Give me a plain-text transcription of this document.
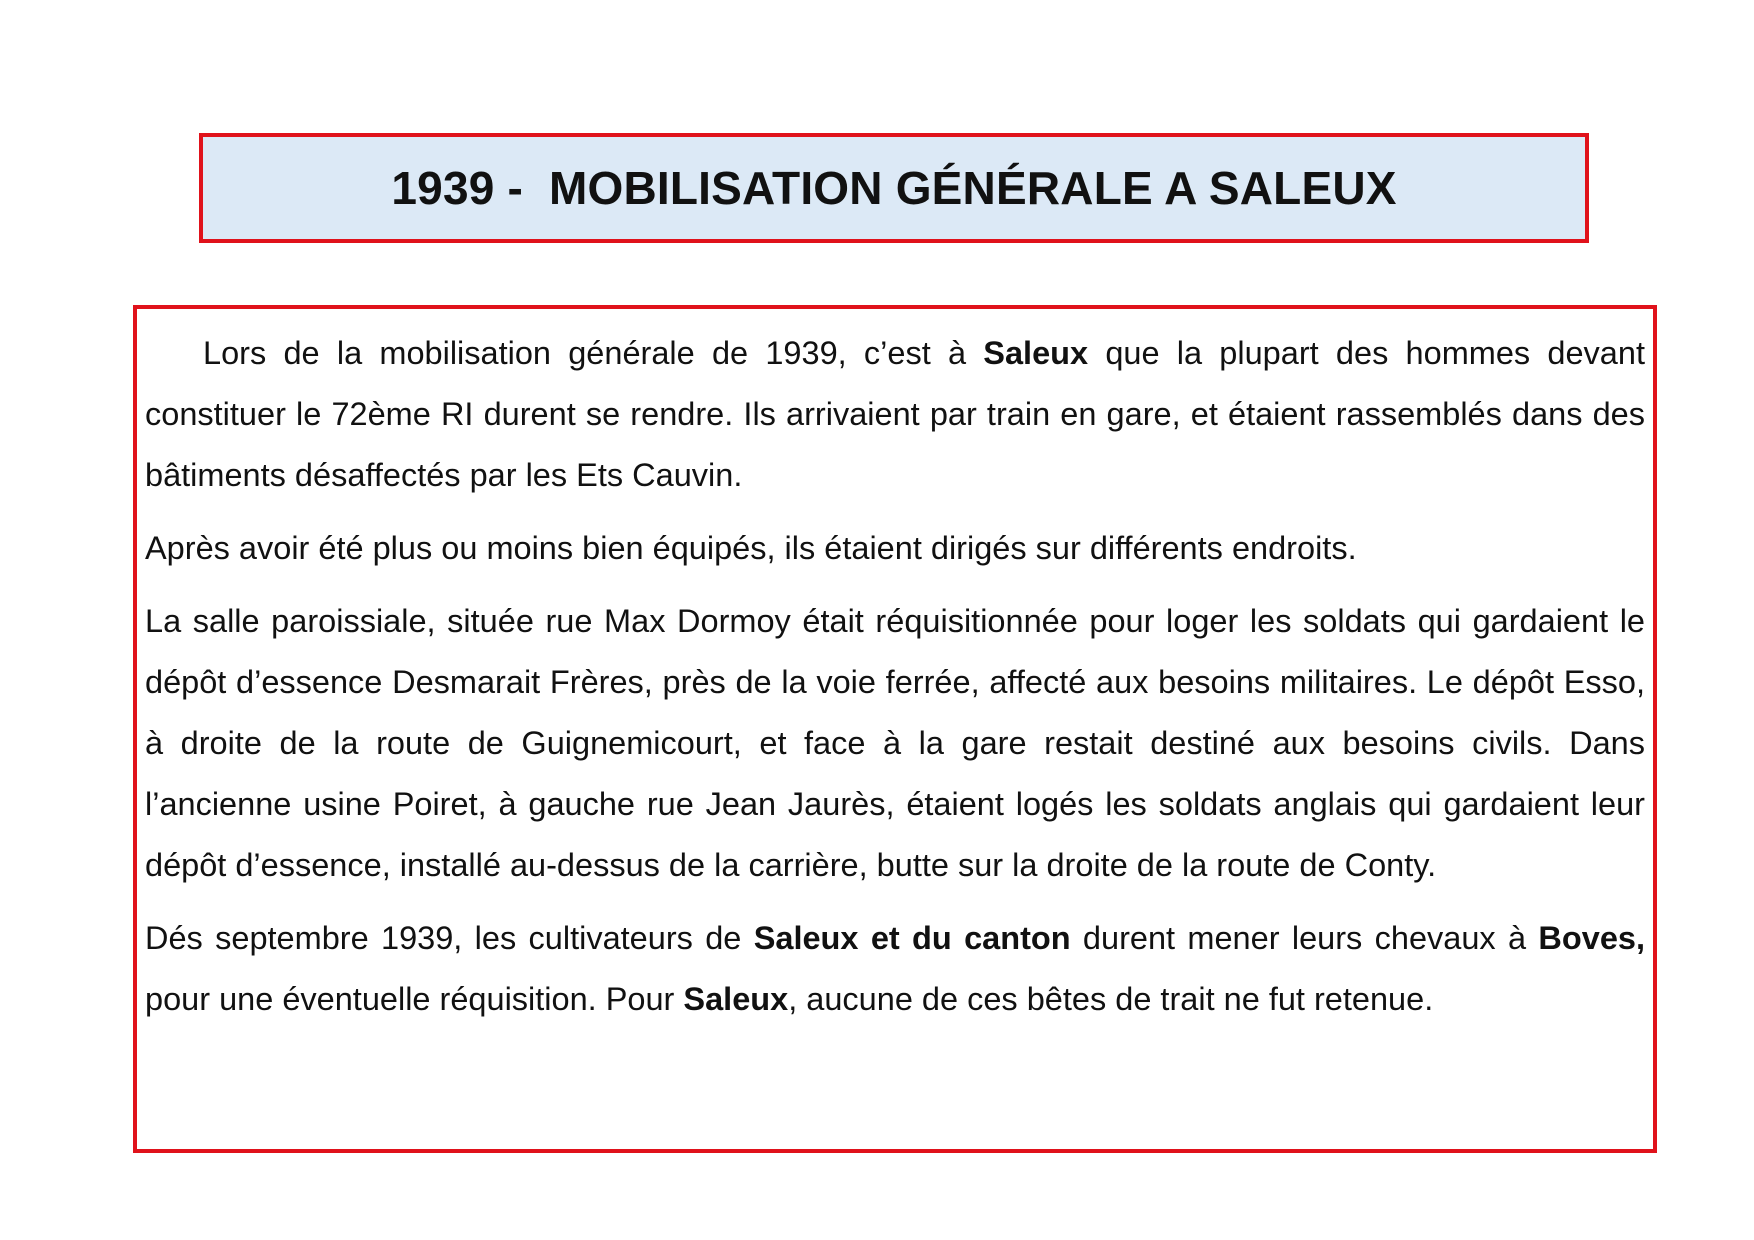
1939 -  MOBILISATION GÉNÉRALE A SALEUX

Lors de la mobilisation générale de 1939, c’est à Saleux que la plupart des hommes devant constituer le 72ème RI durent se rendre. Ils arrivaient par train en gare, et étaient rassemblés dans des bâtiments désaffectés par les Ets Cauvin.

Après avoir été plus ou moins bien équipés, ils étaient dirigés sur différents endroits.

La salle paroissiale, située rue Max Dormoy était réquisitionnée pour loger les soldats qui gardaient le dépôt d’essence Desmarait Frères, près de la voie ferrée, affecté aux besoins militaires. Le dépôt Esso, à droite de la route de Guignemicourt, et face à la gare restait destiné aux besoins civils. Dans l’ancienne usine Poiret, à gauche rue Jean Jaurès, étaient logés les soldats anglais qui gardaient leur dépôt d’essence, installé au-dessus de la carrière, butte sur la droite de la route de Conty.

Dés septembre 1939, les cultivateurs de Saleux et du canton durent mener leurs chevaux à Boves, pour une éventuelle réquisition. Pour Saleux, aucune de ces bêtes de trait ne fut retenue.
